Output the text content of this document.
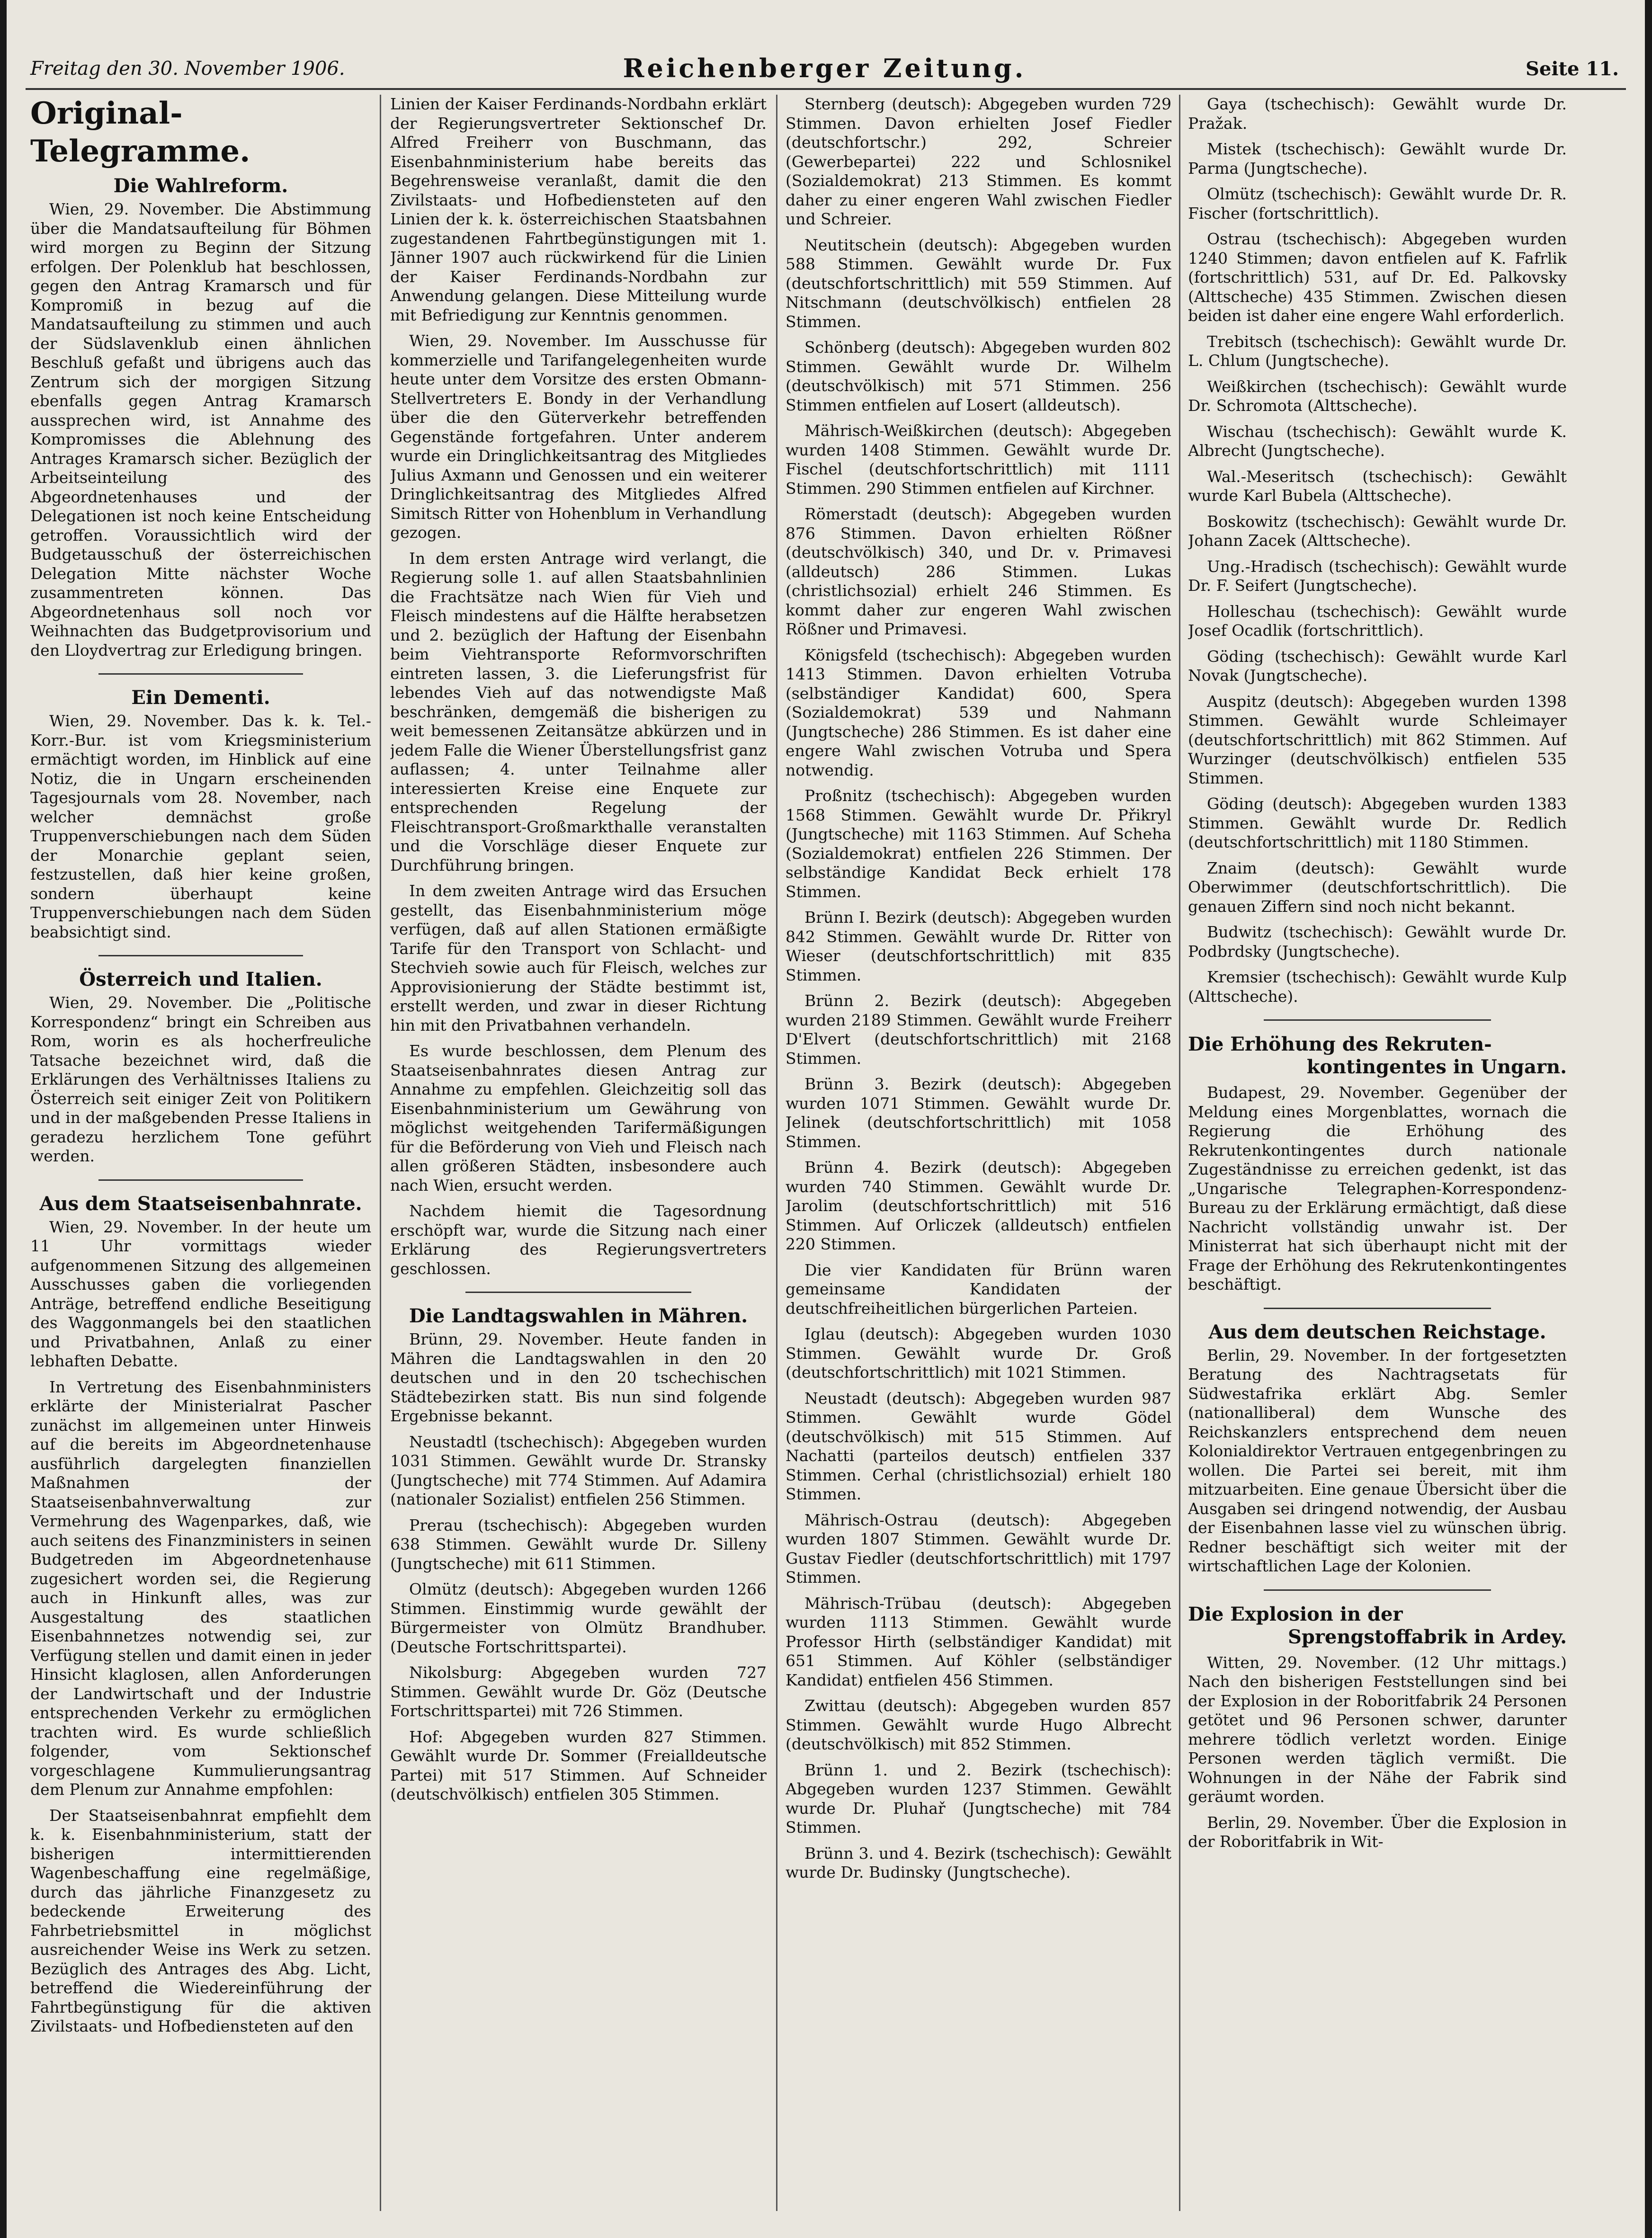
Freitag den 30. November 1906.	Reichenberger Zeitung.	Seite 11.
Original-Telegramme.
Die Wahlreform.

Wien, 29. November. Die Abstimmung über die Mandatsaufteilung für Böhmen wird morgen zu Beginn der Sitzung erfolgen. Der Polenklub hat beschlossen, gegen den Antrag Kramarsch und für Kompromiß in bezug auf die Mandatsaufteilung zu stimmen und auch der Südslavenklub einen ähnlichen Beschluß gefaßt und übrigens auch das Zentrum sich der morgigen Sitzung ebenfalls gegen Antrag Kramarsch aussprechen wird, ist Annahme des Kompromisses die Ablehnung des Antrages Kramarsch sicher. Bezüglich der Arbeitseinteilung des Abgeordnetenhauses und der Delegationen ist noch keine Entscheidung getroffen. Voraussichtlich wird der Budgetausschuß der österreichischen Delegation Mitte nächster Woche zusammentreten können. Das Abgeordnetenhaus soll noch vor Weihnachten das Budgetprovisorium und den Lloydvertrag zur Erledigung bringen.

Ein Dementi.

Wien, 29. November. Das k. k. Tel.-Korr.-Bur. ist vom Kriegsministerium ermächtigt worden, im Hinblick auf eine Notiz, die in Ungarn erscheinenden Tagesjournals vom 28. November, nach welcher demnächst große Truppenverschiebungen nach dem Süden der Monarchie geplant seien, festzustellen, daß hier keine großen, sondern überhaupt keine Truppenverschiebungen nach dem Süden beabsichtigt sind.

Österreich und Italien.

Wien, 29. November. Die „Politische Korrespondenz“ bringt ein Schreiben aus Rom, worin es als hocherfreuliche Tatsache bezeichnet wird, daß die Erklärungen des Verhältnisses Italiens zu Österreich seit einiger Zeit von Politikern und in der maßgebenden Presse Italiens in geradezu herzlichem Tone geführt werden.

Aus dem Staatseisenbahnrate.

Wien, 29. November. In der heute um 11 Uhr vormittags wieder aufgenommenen Sitzung des allgemeinen Ausschusses gaben die vorliegenden Anträge, betreffend endliche Beseitigung des Waggonmangels bei den staatlichen und Privatbahnen, Anlaß zu einer lebhaften Debatte.

In Vertretung des Eisenbahnministers erklärte der Ministerialrat Pascher zunächst im allgemeinen unter Hinweis auf die bereits im Abgeordnetenhause ausführlich dargelegten finanziellen Maßnahmen der Staatseisenbahnverwaltung zur Vermehrung des Wagenparkes, daß, wie auch seitens des Finanzministers in seinen Budgetreden im Abgeordnetenhause zugesichert worden sei, die Regierung auch in Hinkunft alles, was zur Ausgestaltung des staatlichen Eisenbahnnetzes notwendig sei, zur Verfügung stellen und damit einen in jeder Hinsicht klaglosen, allen Anforderungen der Landwirtschaft und der Industrie entsprechenden Verkehr zu ermöglichen trachten wird. Es wurde schließlich folgender, vom Sektionschef vorgeschlagene Kummulierungsantrag dem Plenum zur Annahme empfohlen:

Der Staatseisenbahnrat empfiehlt dem k. k. Eisenbahnministerium, statt der bisherigen intermittierenden Wagenbeschaffung eine regelmäßige, durch das jährliche Finanzgesetz zu bedeckende Erweiterung des Fahrbetriebsmittel in möglichst ausreichender Weise ins Werk zu setzen. Bezüglich des Antrages des Abg. Licht, betreffend die Wiedereinführung der Fahrtbegünstigung für die aktiven Zivilstaats- und Hofbediensteten auf den

Linien der Kaiser Ferdinands-Nordbahn erklärt der Regierungsvertreter Sektionschef Dr. Alfred Freiherr von Buschmann, das Eisenbahnministerium habe bereits das Begehrensweise veranlaßt, damit die den Zivilstaats- und Hofbediensteten auf den Linien der k. k. österreichischen Staatsbahnen zugestandenen Fahrtbegünstigungen mit 1. Jänner 1907 auch rückwirkend für die Linien der Kaiser Ferdinands-Nordbahn zur Anwendung gelangen. Diese Mitteilung wurde mit Befriedigung zur Kenntnis genommen.

Wien, 29. November. Im Ausschusse für kommerzielle und Tarifangelegenheiten wurde heute unter dem Vorsitze des ersten Obmann-Stellvertreters E. Bondy in der Verhandlung über die den Güterverkehr betreffenden Gegenstände fortgefahren. Unter anderem wurde ein Dringlichkeitsantrag des Mitgliedes Julius Axmann und Genossen und ein weiterer Dringlichkeitsantrag des Mitgliedes Alfred Simitsch Ritter von Hohenblum in Verhandlung gezogen.

In dem ersten Antrage wird verlangt, die Regierung solle 1. auf allen Staatsbahnlinien die Frachtsätze nach Wien für Vieh und Fleisch mindestens auf die Hälfte herabsetzen und 2. bezüglich der Haftung der Eisenbahn beim Viehtransporte Reformvorschriften eintreten lassen, 3. die Lieferungsfrist für lebendes Vieh auf das notwendigste Maß beschränken, demgemäß die bisherigen zu weit bemessenen Zeitansätze abkürzen und in jedem Falle die Wiener Überstellungsfrist ganz auflassen; 4. unter Teilnahme aller interessierten Kreise eine Enquete zur entsprechenden Regelung der Fleischtransport-Großmarkthalle veranstalten und die Vorschläge dieser Enquete zur Durchführung bringen.

In dem zweiten Antrage wird das Ersuchen gestellt, das Eisenbahnministerium möge verfügen, daß auf allen Stationen ermäßigte Tarife für den Transport von Schlacht- und Stechvieh sowie auch für Fleisch, welches zur Approvisionierung der Städte bestimmt ist, erstellt werden, und zwar in dieser Richtung hin mit den Privatbahnen verhandeln.

Es wurde beschlossen, dem Plenum des Staatseisenbahnrates diesen Antrag zur Annahme zu empfehlen. Gleichzeitig soll das Eisenbahnministerium um Gewährung von möglichst weitgehenden Tarifermäßigungen für die Beförderung von Vieh und Fleisch nach allen größeren Städten, insbesondere auch nach Wien, ersucht werden.

Nachdem hiemit die Tagesordnung erschöpft war, wurde die Sitzung nach einer Erklärung des Regierungsvertreters geschlossen.

Die Landtagswahlen in Mähren.

Brünn, 29. November. Heute fanden in Mähren die Landtagswahlen in den 20 deutschen und in den 20 tschechischen Städtebezirken statt. Bis nun sind folgende Ergebnisse bekannt.

Neustadtl (tschechisch): Abgegeben wurden 1031 Stimmen. Gewählt wurde Dr. Stransky (Jungtscheche) mit 774 Stimmen. Auf Adamira (nationaler Sozialist) entfielen 256 Stimmen.

Prerau (tschechisch): Abgegeben wurden 638 Stimmen. Gewählt wurde Dr. Silleny (Jungtscheche) mit 611 Stimmen.

Olmütz (deutsch): Abgegeben wurden 1266 Stimmen. Einstimmig wurde gewählt der Bürgermeister von Olmütz Brandhuber. (Deutsche Fortschrittspartei).

Nikolsburg: Abgegeben wurden 727 Stimmen. Gewählt wurde Dr. Göz (Deutsche Fortschrittspartei) mit 726 Stimmen.

Hof: Abgegeben wurden 827 Stimmen. Gewählt wurde Dr. Sommer (Freialldeutsche Partei) mit 517 Stimmen. Auf Schneider (deutschvölkisch) entfielen 305 Stimmen.

Sternberg (deutsch): Abgegeben wurden 729 Stimmen. Davon erhielten Josef Fiedler (deutschfortschr.) 292, Schreier (Gewerbepartei) 222 und Schlosnikel (Sozialdemokrat) 213 Stimmen. Es kommt daher zu einer engeren Wahl zwischen Fiedler und Schreier.

Neutitschein (deutsch): Abgegeben wurden 588 Stimmen. Gewählt wurde Dr. Fux (deutschfortschrittlich) mit 559 Stimmen. Auf Nitschmann (deutschvölkisch) entfielen 28 Stimmen.

Schönberg (deutsch): Abgegeben wurden 802 Stimmen. Gewählt wurde Dr. Wilhelm (deutschvölkisch) mit 571 Stimmen. 256 Stimmen entfielen auf Losert (alldeutsch).

Mährisch-Weißkirchen (deutsch): Abgegeben wurden 1408 Stimmen. Gewählt wurde Dr. Fischel (deutschfortschrittlich) mit 1111 Stimmen. 290 Stimmen entfielen auf Kirchner.

Römerstadt (deutsch): Abgegeben wurden 876 Stimmen. Davon erhielten Rößner (deutschvölkisch) 340, und Dr. v. Primavesi (alldeutsch) 286 Stimmen. Lukas (christlichsozial) erhielt 246 Stimmen. Es kommt daher zur engeren Wahl zwischen Rößner und Primavesi.

Königsfeld (tschechisch): Abgegeben wurden 1413 Stimmen. Davon erhielten Votruba (selbständiger Kandidat) 600, Spera (Sozialdemokrat) 539 und Nahmann (Jungtscheche) 286 Stimmen. Es ist daher eine engere Wahl zwischen Votruba und Spera notwendig.

Proßnitz (tschechisch): Abgegeben wurden 1568 Stimmen. Gewählt wurde Dr. Přikryl (Jungtscheche) mit 1163 Stimmen. Auf Scheha (Sozialdemokrat) entfielen 226 Stimmen. Der selbständige Kandidat Beck erhielt 178 Stimmen.

Brünn I. Bezirk (deutsch): Abgegeben wurden 842 Stimmen. Gewählt wurde Dr. Ritter von Wieser (deutschfortschrittlich) mit 835 Stimmen.

Brünn 2. Bezirk (deutsch): Abgegeben wurden 2189 Stimmen. Gewählt wurde Freiherr D'Elvert (deutschfortschrittlich) mit 2168 Stimmen.

Brünn 3. Bezirk (deutsch): Abgegeben wurden 1071 Stimmen. Gewählt wurde Dr. Jelinek (deutschfortschrittlich) mit 1058 Stimmen.

Brünn 4. Bezirk (deutsch): Abgegeben wurden 740 Stimmen. Gewählt wurde Dr. Jarolim (deutschfortschrittlich) mit 516 Stimmen. Auf Orliczek (alldeutsch) entfielen 220 Stimmen.

Die vier Kandidaten für Brünn waren gemeinsame Kandidaten der deutschfreiheitlichen bürgerlichen Parteien.

Iglau (deutsch): Abgegeben wurden 1030 Stimmen. Gewählt wurde Dr. Groß (deutschfortschrittlich) mit 1021 Stimmen.

Neustadt (deutsch): Abgegeben wurden 987 Stimmen. Gewählt wurde Gödel (deutschvölkisch) mit 515 Stimmen. Auf Nachatti (parteilos deutsch) entfielen 337 Stimmen. Cerhal (christlichsozial) erhielt 180 Stimmen.

Mährisch-Ostrau (deutsch): Abgegeben wurden 1807 Stimmen. Gewählt wurde Dr. Gustav Fiedler (deutschfortschrittlich) mit 1797 Stimmen.

Mährisch-Trübau (deutsch): Abgegeben wurden 1113 Stimmen. Gewählt wurde Professor Hirth (selbständiger Kandidat) mit 651 Stimmen. Auf Köhler (selbständiger Kandidat) entfielen 456 Stimmen.

Zwittau (deutsch): Abgegeben wurden 857 Stimmen. Gewählt wurde Hugo Albrecht (deutschvölkisch) mit 852 Stimmen.

Brünn 1. und 2. Bezirk (tschechisch): Abgegeben wurden 1237 Stimmen. Gewählt wurde Dr. Pluhař (Jungtscheche) mit 784 Stimmen.

Brünn 3. und 4. Bezirk (tschechisch): Gewählt wurde Dr. Budinsky (Jungtscheche).

Gaya (tschechisch): Gewählt wurde Dr. Pražak.

Mistek (tschechisch): Gewählt wurde Dr. Parma (Jungtscheche).

Olmütz (tschechisch): Gewählt wurde Dr. R. Fischer (fortschrittlich).

Ostrau (tschechisch): Abgegeben wurden 1240 Stimmen; davon entfielen auf K. Fafrlik (fortschrittlich) 531, auf Dr. Ed. Palkovsky (Alttscheche) 435 Stimmen. Zwischen diesen beiden ist daher eine engere Wahl erforderlich.

Trebitsch (tschechisch): Gewählt wurde Dr. L. Chlum (Jungtscheche).

Weißkirchen (tschechisch): Gewählt wurde Dr. Schromota (Alttscheche).

Wischau (tschechisch): Gewählt wurde K. Albrecht (Jungtscheche).

Wal.-Meseritsch (tschechisch): Gewählt wurde Karl Bubela (Alttscheche).

Boskowitz (tschechisch): Gewählt wurde Dr. Johann Zacek (Alttscheche).

Ung.-Hradisch (tschechisch): Gewählt wurde Dr. F. Seifert (Jungtscheche).

Holleschau (tschechisch): Gewählt wurde Josef Ocadlik (fortschrittlich).

Göding (tschechisch): Gewählt wurde Karl Novak (Jungtscheche).

Auspitz (deutsch): Abgegeben wurden 1398 Stimmen. Gewählt wurde Schleimayer (deutschfortschrittlich) mit 862 Stimmen. Auf Wurzinger (deutschvölkisch) entfielen 535 Stimmen.

Göding (deutsch): Abgegeben wurden 1383 Stimmen. Gewählt wurde Dr. Redlich (deutschfortschrittlich) mit 1180 Stimmen.

Znaim (deutsch): Gewählt wurde Oberwimmer (deutschfortschrittlich). Die genauen Ziffern sind noch nicht bekannt.

Budwitz (tschechisch): Gewählt wurde Dr. Podbrdsky (Jungtscheche).

Kremsier (tschechisch): Gewählt wurde Kulp (Alttscheche).

Die Erhöhung des Rekruten-
kontingentes in Ungarn.

Budapest, 29. November. Gegenüber der Meldung eines Morgenblattes, wornach die Regierung die Erhöhung des Rekrutenkontingentes durch nationale Zugeständnisse zu erreichen gedenkt, ist das „Ungarische Telegraphen-Korrespondenz-Bureau zu der Erklärung ermächtigt, daß diese Nachricht vollständig unwahr ist. Der Ministerrat hat sich überhaupt nicht mit der Frage der Erhöhung des Rekrutenkontingentes beschäftigt.

Aus dem deutschen Reichstage.

Berlin, 29. November. In der fortgesetzten Beratung des Nachtragsetats für Südwestafrika erklärt Abg. Semler (nationalliberal) dem Wunsche des Reichskanzlers entsprechend dem neuen Kolonialdirektor Vertrauen entgegenbringen zu wollen. Die Partei sei bereit, mit ihm mitzuarbeiten. Eine genaue Übersicht über die Ausgaben sei dringend notwendig, der Ausbau der Eisenbahnen lasse viel zu wünschen übrig. Redner beschäftigt sich weiter mit der wirtschaftlichen Lage der Kolonien.

Die Explosion in der
Sprengstoffabrik in Ardey.

Witten, 29. November. (12 Uhr mittags.) Nach den bisherigen Feststellungen sind bei der Explosion in der Roboritfabrik 24 Personen getötet und 96 Personen schwer, darunter mehrere tödlich verletzt worden. Einige Personen werden täglich vermißt. Die Wohnungen in der Nähe der Fabrik sind geräumt worden.

Berlin, 29. November. Über die Explosion in der Roboritfabrik in Wit-
